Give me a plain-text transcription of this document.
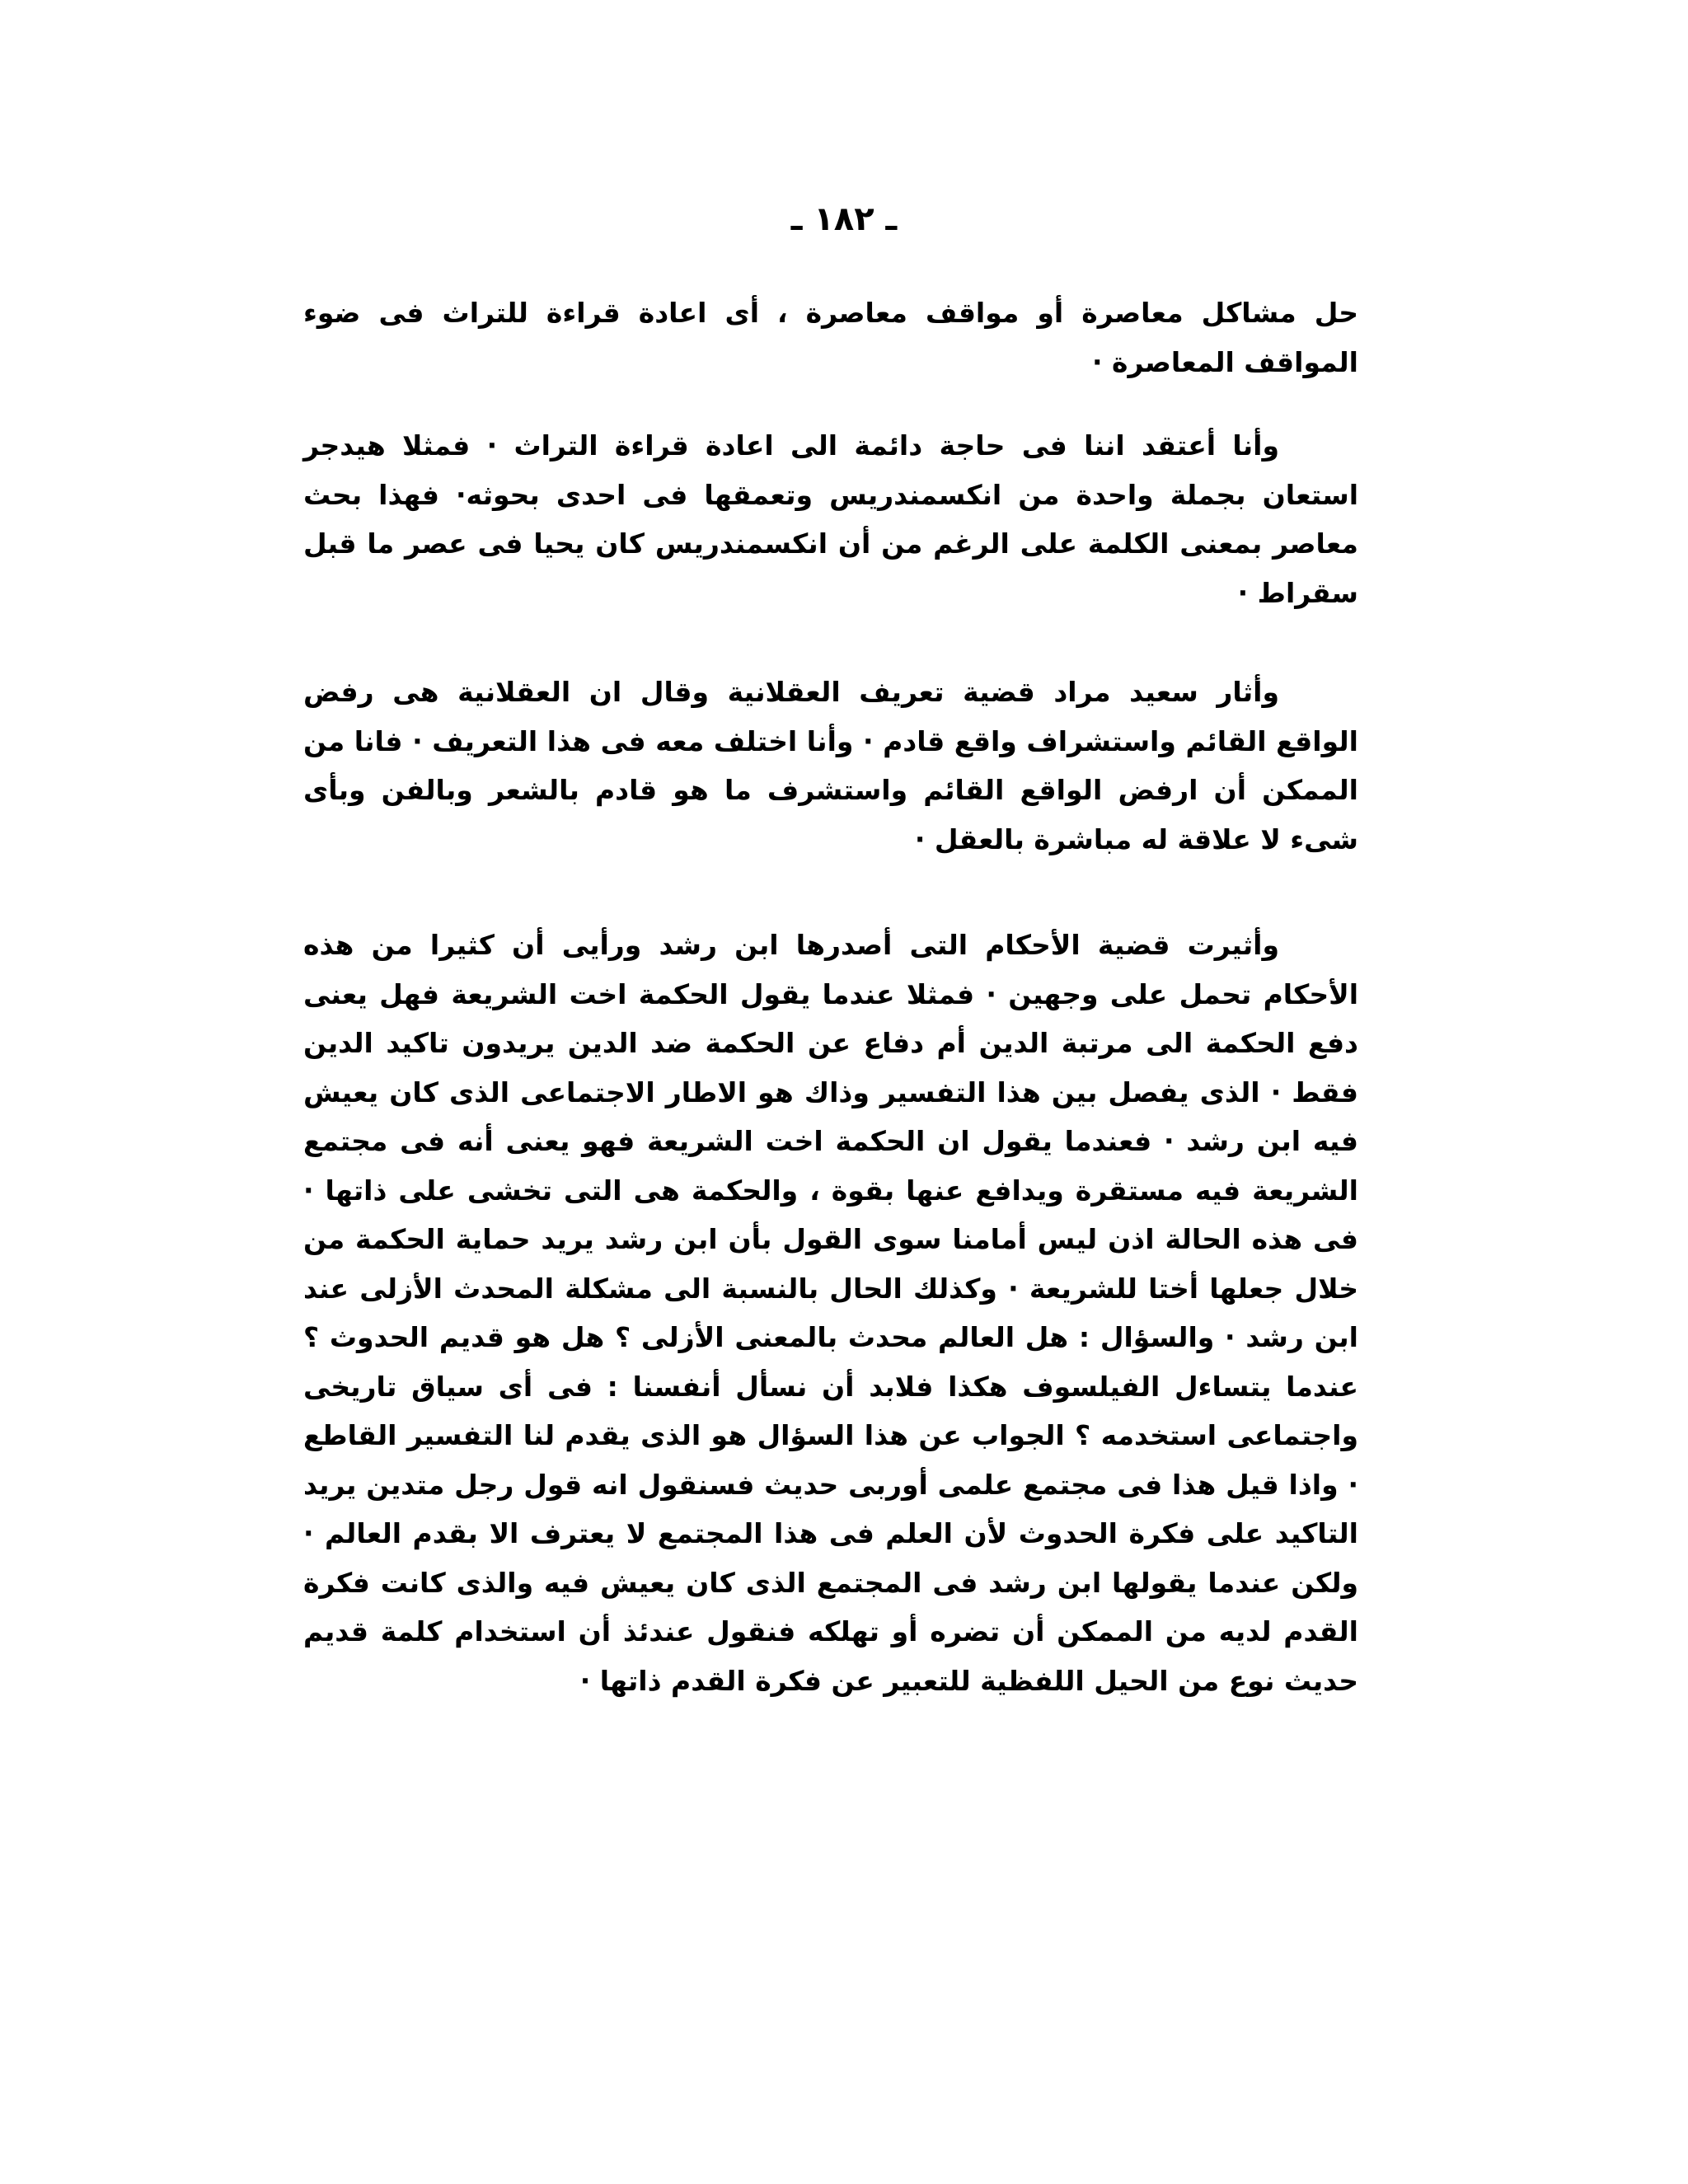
ـ ١٨٢ ـ

حل مشاكل معاصرة أو مواقف معاصرة ، أى اعادة قراءة للتراث فى ضوء المواقف المعاصرة ·

وأنا أعتقد اننا فى حاجة دائمة الى اعادة قراءة التراث · فمثلا هيدجر استعان بجملة واحدة من انكسمندريس وتعمقها فى احدى بحوثه· فهذا بحث معاصر بمعنى الكلمة على الرغم من أن انكسمندريس كان يحيا فى عصر ما قبل سقراط ·

وأثار سعيد مراد قضية تعريف العقلانية وقال ان العقلانية هى رفض الواقع القائم واستشراف واقع قادم · وأنا اختلف معه فى هذا التعريف · فانا من الممكن أن ارفض الواقع القائم واستشرف ما هو قادم بالشعر وبالفن وبأى شىء لا علاقة له مباشرة بالعقل ·

وأثيرت قضية الأحكام التى أصدرها ابن رشد ورأيى أن كثيرا من هذه الأحكام تحمل على وجهين · فمثلا عندما يقول الحكمة اخت الشريعة فهل يعنى دفع الحكمة الى مرتبة الدين أم دفاع عن الحكمة ضد الدين يريدون تاكيد الدين فقط · الذى يفصل بين هذا التفسير وذاك هو الاطار الاجتماعى الذى كان يعيش فيه ابن رشد · فعندما يقول ان الحكمة اخت الشريعة فهو يعنى أنه فى مجتمع الشريعة فيه مستقرة ويدافع عنها بقوة ، والحكمة هى التى تخشى على ذاتها · فى هذه الحالة اذن ليس أمامنا سوى القول بأن ابن رشد يريد حماية الحكمة من خلال جعلها أختا للشريعة · وكذلك الحال بالنسبة الى مشكلة المحدث الأزلى عند ابن رشد · والسؤال : هل العالم محدث بالمعنى الأزلى ؟ هل هو قديم الحدوث ؟ عندما يتساءل الفيلسوف هكذا فلابد أن نسأل أنفسنا : فى أى سياق تاريخى واجتماعى استخدمه ؟ الجواب عن هذا السؤال هو الذى يقدم لنا التفسير القاطع · واذا قيل هذا فى مجتمع علمى أوربى حديث فسنقول انه قول رجل متدين يريد التاكيد على فكرة الحدوث لأن العلم فى هذا المجتمع لا يعترف الا بقدم العالم · ولكن عندما يقولها ابن رشد فى المجتمع الذى كان يعيش فيه والذى كانت فكرة القدم لديه من الممكن أن تضره أو تهلكه فنقول عندئذ أن استخدام كلمة قديم حديث نوع من الحيل اللفظية للتعبير عن فكرة القدم ذاتها ·
